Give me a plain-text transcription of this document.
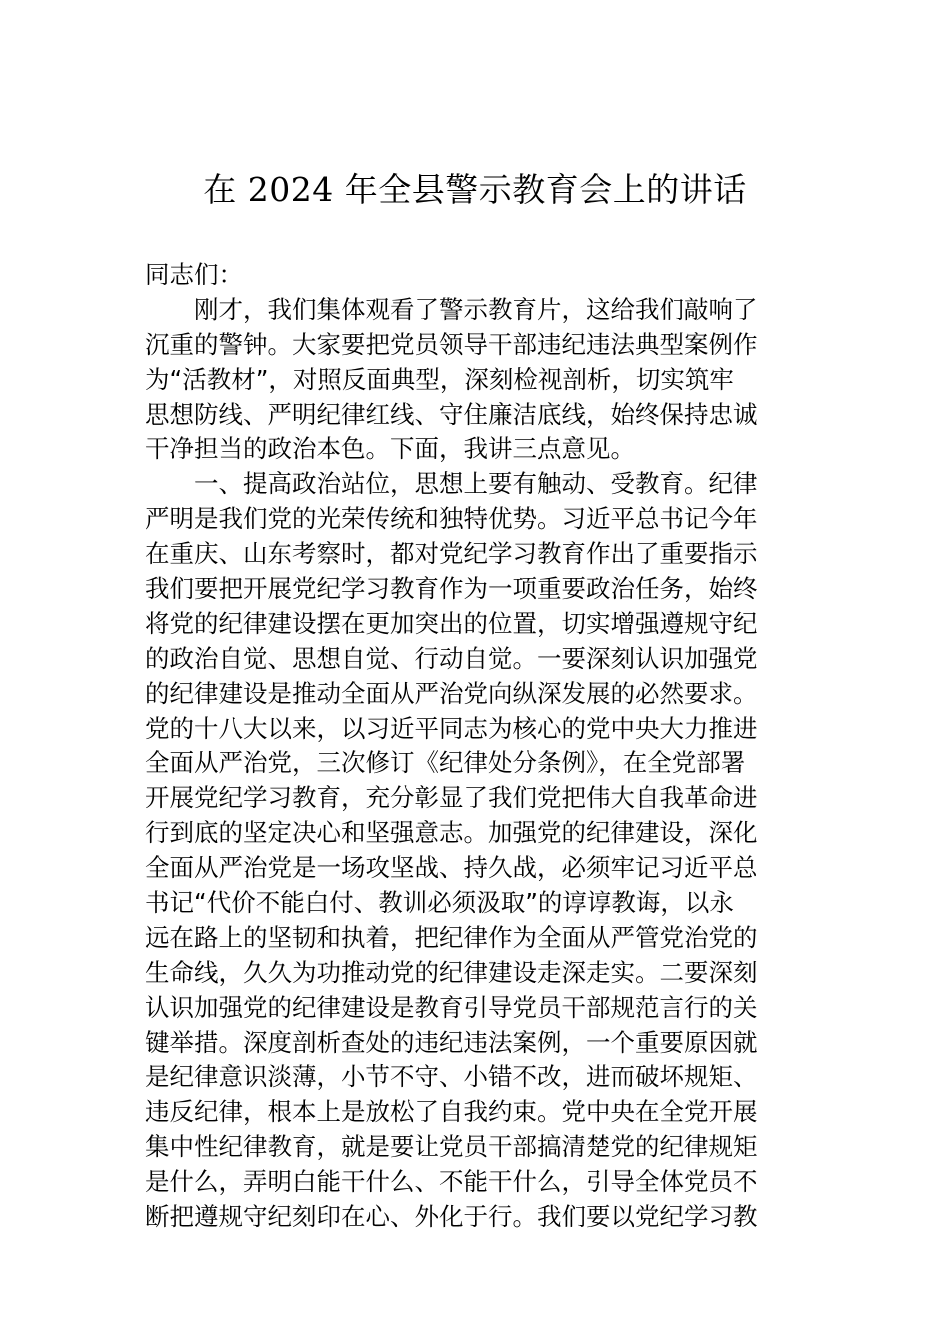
在 2024 年全县警示教育会上的讲话
同志们：
刚才，我们集体观看了警示教育片，这给我们敲响了
沉重的警钟。大家要把党员领导干部违纪违法典型案例作
为“活教材”，对照反面典型，深刻检视剖析，切实筑牢
思想防线、严明纪律红线、守住廉洁底线，始终保持忠诚
干净担当的政治本色。下面，我讲三点意见。
一、提高政治站位，思想上要有触动、受教育。纪律
严明是我们党的光荣传统和独特优势。习近平总书记今年
在重庆、山东考察时，都对党纪学习教育作出了重要指示
我们要把开展党纪学习教育作为一项重要政治任务，始终
将党的纪律建设摆在更加突出的位置，切实增强遵规守纪
的政治自觉、思想自觉、行动自觉。一要深刻认识加强党
的纪律建设是推动全面从严治党向纵深发展的必然要求。
党的十八大以来，以习近平同志为核心的党中央大力推进
全面从严治党，三次修订《纪律处分条例》，在全党部署
开展党纪学习教育，充分彰显了我们党把伟大自我革命进
行到底的坚定决心和坚强意志。加强党的纪律建设，深化
全面从严治党是一场攻坚战、持久战，必须牢记习近平总
书记“代价不能白付、教训必须汲取”的谆谆教诲，以永
远在路上的坚韧和执着，把纪律作为全面从严管党治党的
生命线，久久为功推动党的纪律建设走深走实。二要深刻
认识加强党的纪律建设是教育引导党员干部规范言行的关
键举措。深度剖析查处的违纪违法案例，一个重要原因就
是纪律意识淡薄，小节不守、小错不改，进而破坏规矩、
违反纪律，根本上是放松了自我约束。党中央在全党开展
集中性纪律教育，就是要让党员干部搞清楚党的纪律规矩
是什么，弄明白能干什么、不能干什么，引导全体党员不
断把遵规守纪刻印在心、外化于行。我们要以党纪学习教
